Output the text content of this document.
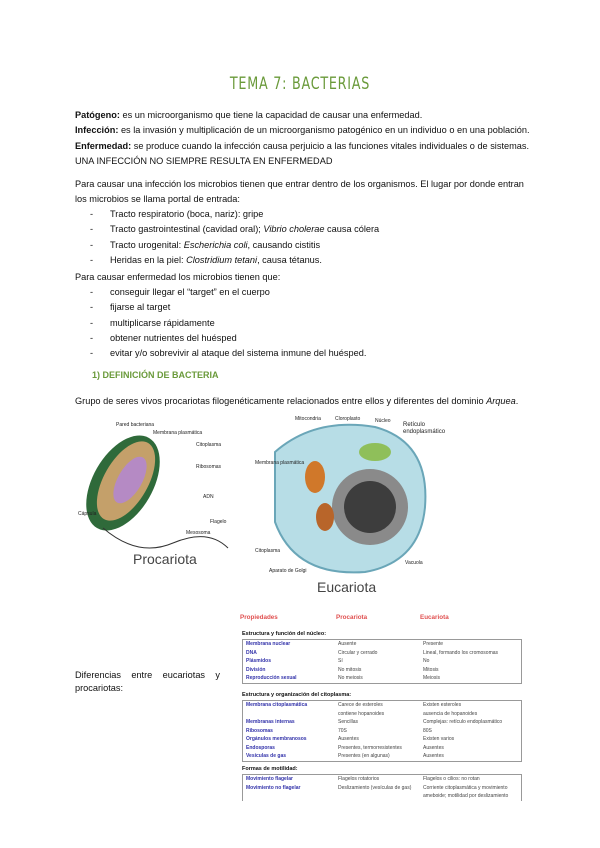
TEMA 7: BACTERIAS
Patógeno: es un microorganismo que tiene la capacidad de causar una enfermedad.
Infección: es la invasión y multiplicación de un microorganismo patogénico en un individuo o en una población.
Enfermedad: se produce cuando la infección causa perjuicio a las funciones vitales individuales o de sistemas.
UNA INFECCIÓN NO SIEMPRE RESULTA EN ENFERMEDAD
Para causar una infección los microbios tienen que entrar dentro de los organismos. El lugar por donde entran
los microbios se llama portal de entrada:
- Tracto respiratorio (boca, nariz): gripe
- Tracto gastrointestinal (cavidad oral); Vibrio cholerae causa cólera
- Tracto urogenital: Escherichia coli, causando cistitis
- Heridas en la piel: Clostridium tetani, causa tétanus.
Para causar enfermedad los microbios tienen que:
- conseguir llegar el “target” en el cuerpo
- fijarse al target
- multiplicarse rápidamente
- obtener nutrientes del huésped
- evitar y/o sobrevivir al ataque del sistema inmune del huésped.
1) DEFINICIÓN DE BACTERIA
Grupo de seres vivos procariotas filogenéticamente relacionados entre ellos y diferentes del dominio Arquea.
Pared bacteriana
Membrana plasmática
Citoplasma
Ribosomas
ADN
Flagelo
Mesosoma
Cápsula
Procariota
Mitocondria	Cloroplasto	Núcleo
Membrana plasmática
Citoplasma
Aparato de Golgi
Vacuola
Eucariota
Retículo endoplasmático
Diferencias entre eucariotas y
procariotas:
Propiedades	Procariota	Eucariota
Estructura y función del núcleo:
Membrana nuclear	Ausente	Presente
DNA	Circular y cerrado	Lineal, formando los cromosomas
Plásmidos	Sí	No
División	No mitosis	Mitosis
Reproducción sexual	No meiosis	Meiosis
Estructura y organización del citoplasma:
Membrana citoplasmática	Carece de esteroles	Existen esteroles
contiene hopanoides	ausencia de hopanoides
Membranas internas	Sencillas	Complejas: retículo endoplasmático
Ribosomas	70S	80S
Orgánulos membranosos	Ausentes	Existen varios
Endosporas	Presentes, termorresistentes	Ausentes
Vesículas de gas	Presentes (en algunas)	Ausentes
Formas de motilidad:
Movimiento flagelar	Flagelos rotatorios	Flagelos o cilios: no rotan
Movimiento no flagelar	Deslizamiento (vesículas de gas)	Corriente citoplasmática y movimiento
ameboide; motilidad por deslizamiento
